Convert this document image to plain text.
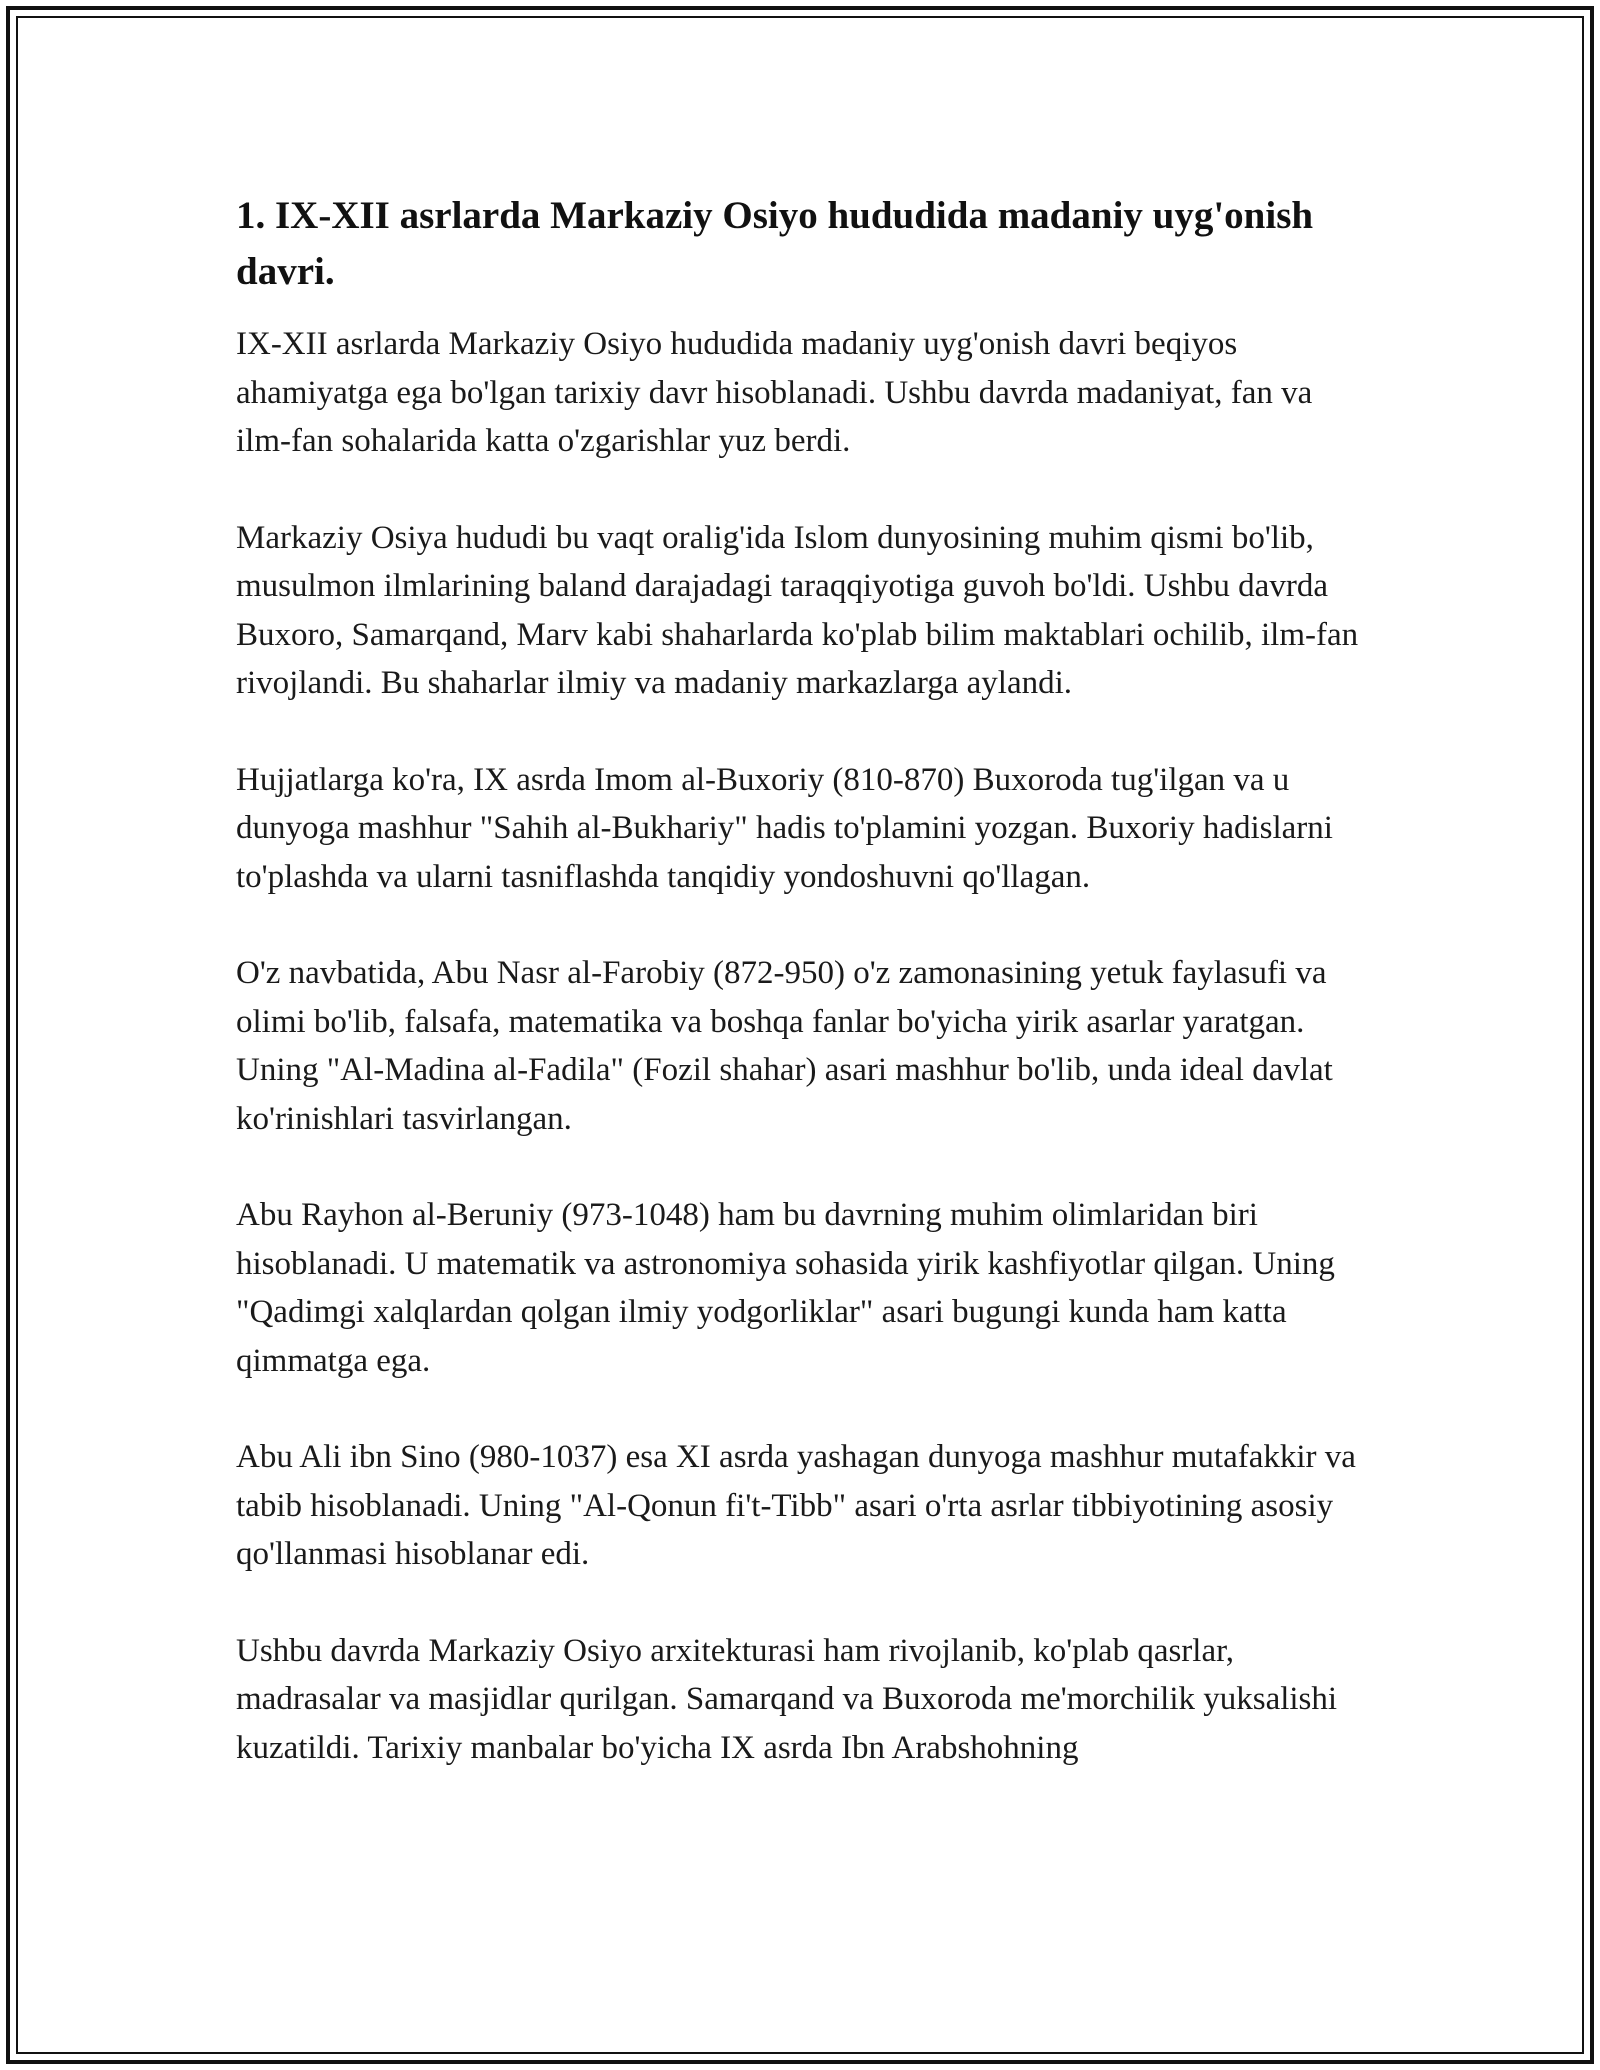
1. IX-XII asrlarda Markaziy Osiyo hududida madaniy uyg'onish davri.

IX-XII asrlarda Markaziy Osiyo hududida madaniy uyg'onish davri beqiyos ahamiyatga ega bo'lgan tarixiy davr hisoblanadi. Ushbu davrda madaniyat, fan va ilm-fan sohalarida katta o'zgarishlar yuz berdi.

Markaziy Osiya hududi bu vaqt oralig'ida Islom dunyosining muhim qismi bo'lib, musulmon ilmlarining baland darajadagi taraqqiyotiga guvoh bo'ldi. Ushbu davrda Buxoro, Samarqand, Marv kabi shaharlarda ko'plab bilim maktablari ochilib, ilm-fan rivojlandi. Bu shaharlar ilmiy va madaniy markazlarga aylandi.

Hujjatlarga ko'ra, IX asrda Imom al-Buxoriy (810-870) Buxoroda tug'ilgan va u dunyoga mashhur "Sahih al-Bukhariy" hadis to'plamini yozgan. Buxoriy hadislarni to'plashda va ularni tasniflashda tanqidiy yondoshuvni qo'llagan.

O'z navbatida, Abu Nasr al-Farobiy (872-950) o'z zamonasining yetuk faylasufi va olimi bo'lib, falsafa, matematika va boshqa fanlar bo'yicha yirik asarlar yaratgan. Uning "Al-Madina al-Fadila" (Fozil shahar) asari mashhur bo'lib, unda ideal davlat ko'rinishlari tasvirlangan.

Abu Rayhon al-Beruniy (973-1048) ham bu davrning muhim olimlaridan biri hisoblanadi. U matematik va astronomiya sohasida yirik kashfiyotlar qilgan. Uning "Qadimgi xalqlardan qolgan ilmiy yodgorliklar" asari bugungi kunda ham katta qimmatga ega.

Abu Ali ibn Sino (980-1037) esa XI asrda yashagan dunyoga mashhur mutafakkir va tabib hisoblanadi. Uning "Al-Qonun fi't-Tibb" asari o'rta asrlar tibbiyotining asosiy qo'llanmasi hisoblanar edi.

Ushbu davrda Markaziy Osiyo arxitekturasi ham rivojlanib, ko'plab qasrlar, madrasalar va masjidlar qurilgan. Samarqand va Buxoroda me'morchilik yuksalishi kuzatildi. Tarixiy manbalar bo'yicha IX asrda Ibn Arabshohning
